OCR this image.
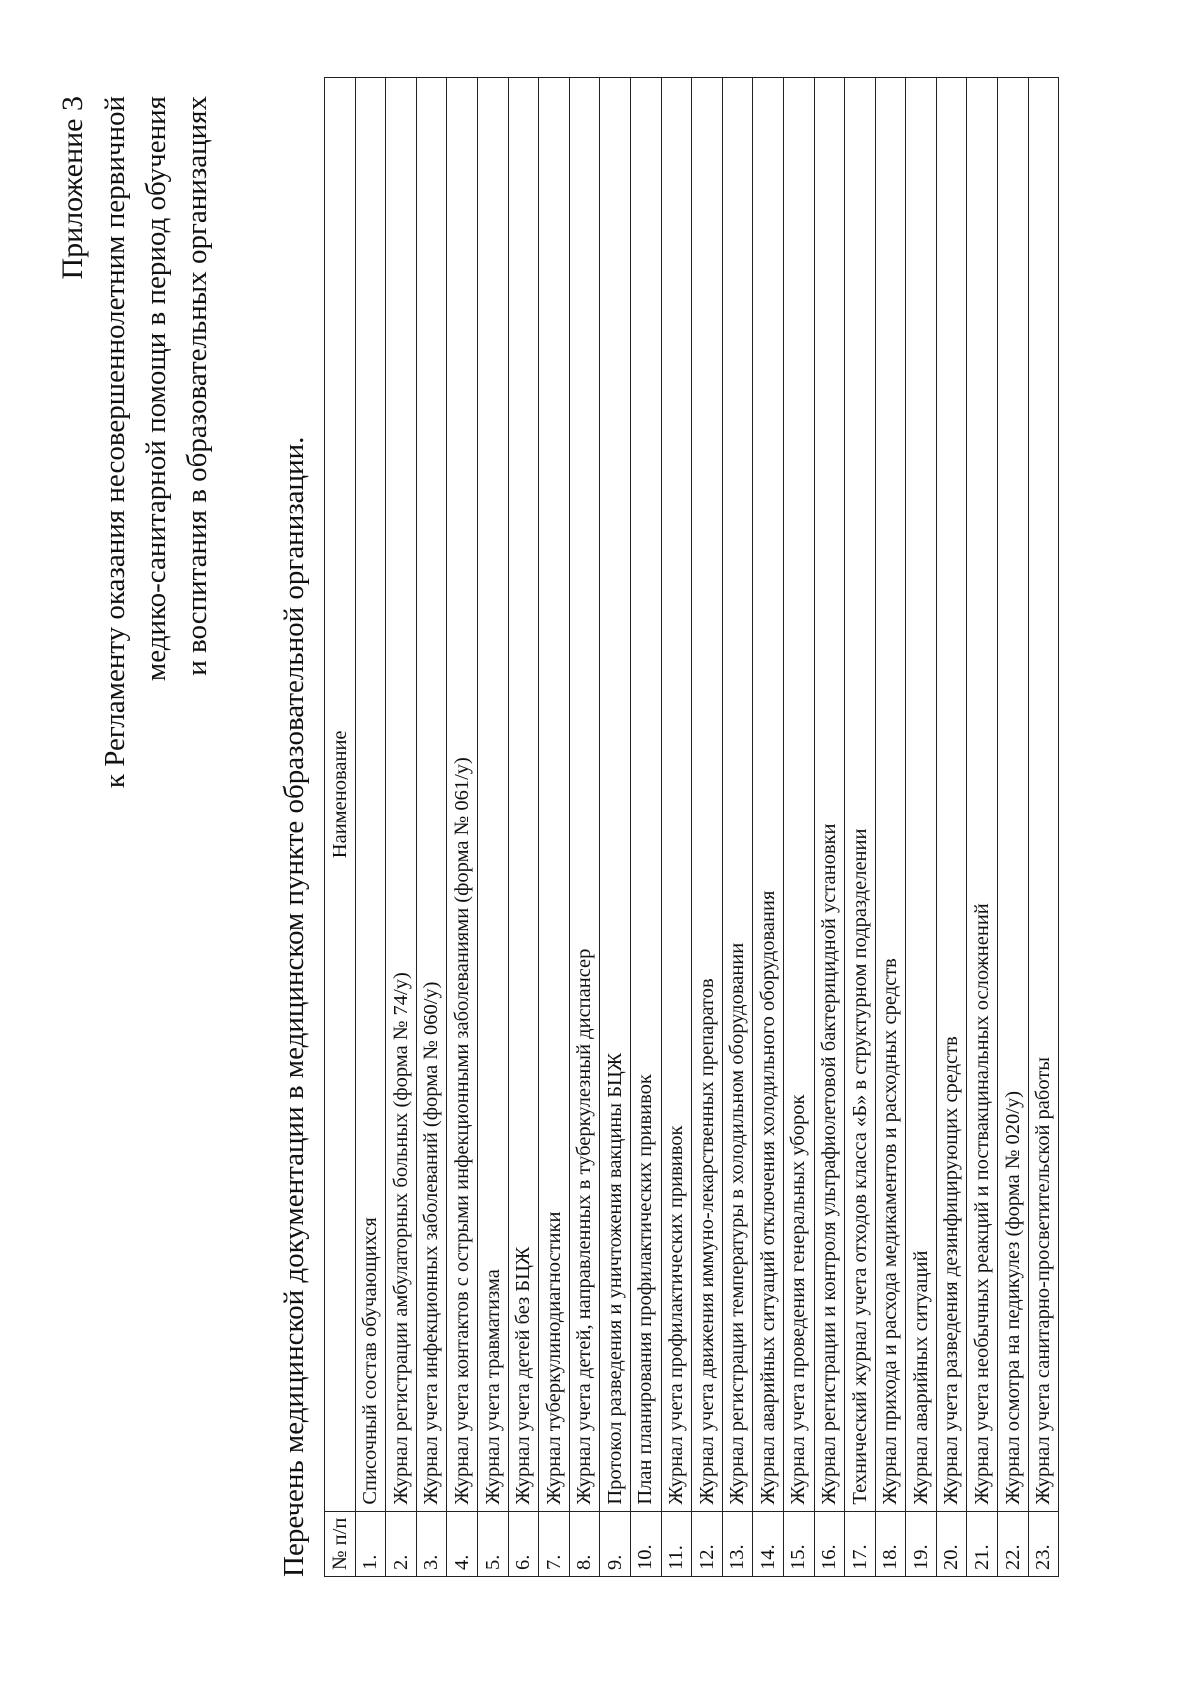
Приложение 3 к Регламенту оказания несовершеннолетним первичной медико-санитарной помощи в период обучения и воспитания в образовательных организациях
Перечень медицинской документации в медицинском пункте образовательной организации. № п/п	Наименование
1.	Списочный состав обучающихся
2.	Журнал регистрации амбулаторных больных (форма № 74/у)
3.	Журнал учета инфекционных заболеваний (форма № 060/у)
4.	Журнал учета контактов с острыми инфекционными заболеваниями (форма № 061/у)
5.	Журнал учета травматизма
6.	Журнал учета детей без БЦЖ
7.	Журнал туберкулинодиагностики
8.	Журнал учета детей, направленных в туберкулезный диспансер
9.	Протокол разведения и уничтожения вакцины БЦЖ
10.	План планирования профилактических прививок
11.	Журнал учета профилактических прививок
12.	Журнал учета движения иммуно-лекарственных препаратов
13.	Журнал регистрации температуры в холодильном оборудовании
14.	Журнал аварийных ситуаций отключения холодильного оборудования
15.	Журнал учета проведения генеральных уборок
16.	Журнал регистрации и контроля ультрафиолетовой бактерицидной установки
17.	Технический журнал учета отходов класса «Б» в структурном подразделении
18.	Журнал прихода и расхода медикаментов и расходных средств
19.	Журнал аварийных ситуаций
20.	Журнал учета разведения дезинфицирующих средств
21.	Журнал учета необычных реакций и поствакцинальных осложнений
22.	Журнал осмотра на педикулез (форма № 020/у)
23.	Журнал учета санитарно-просветительской работы
